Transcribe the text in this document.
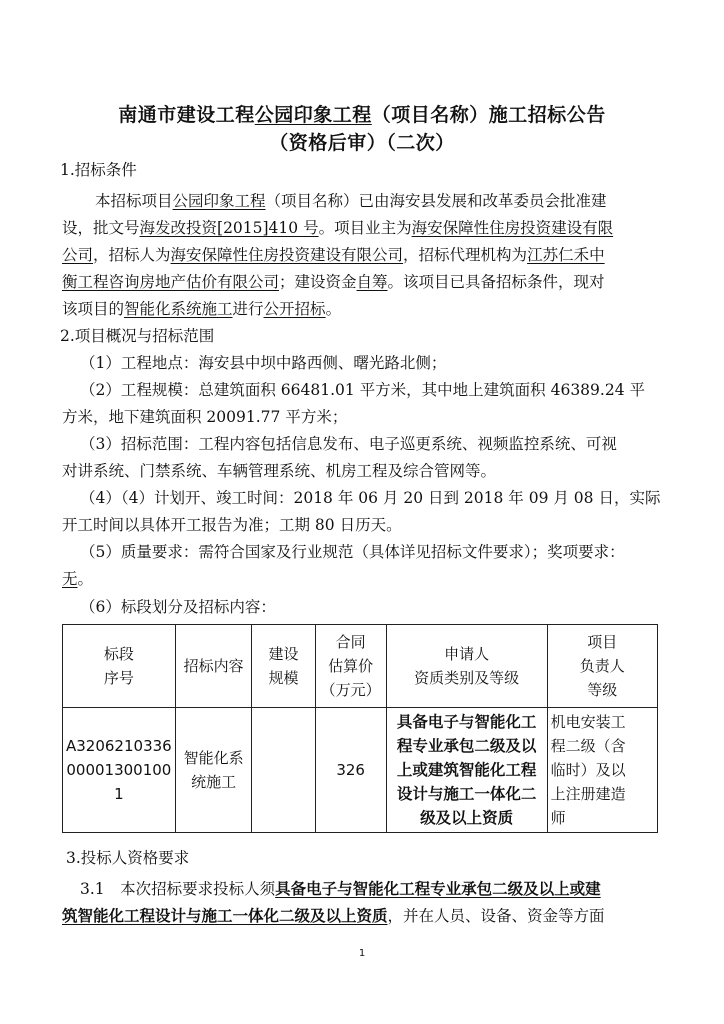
南通市建设工程公园印象工程（项目名称）施工招标公告
（资格后审）（二次）
1.招标条件
本招标项目公园印象工程（项目名称）已由海安县发展和改革委员会批准建
设，批文号海发改投资[2015]410 号。项目业主为海安保障性住房投资建设有限
公司，招标人为海安保障性住房投资建设有限公司，招标代理机构为江苏仁禾中
衡工程咨询房地产估价有限公司；建设资金自筹。该项目已具备招标条件，现对
该项目的智能化系统施工进行公开招标。
2.项目概况与招标范围
（1）工程地点：海安县中坝中路西侧、曙光路北侧；
（2）工程规模：总建筑面积 66481.01 平方米，其中地上建筑面积 46389.24 平
方米，地下建筑面积 20091.77 平方米；
（3）招标范围：工程内容包括信息发布、电子巡更系统、视频监控系统、可视
对讲系统、门禁系统、车辆管理系统、机房工程及综合管网等。
（4）（4）计划开、竣工时间：2018 年 06 月 20 日到 2018 年 09 月 08 日，实际
开工时间以具体开工报告为准；工期 80 日历天。
（5）质量要求：需符合国家及行业规范（具体详见招标文件要求）；奖项要求：
无。
（6）标段划分及招标内容：
标段
序号	招标内容	建设
规模	合同
估算价
（万元）	申请人
资质类别及等级	项目
负责人
等级
A3206210336
00001300100
1	智能化系
统施工		326	具备电子与智能化工
程专业承包二级及以
上或建筑智能化工程
设计与施工一体化二
级及以上资质	机电安装工
程二级（含
临时）及以
上注册建造
师
3.投标人资格要求
3.1　本次招标要求投标人须具备电子与智能化工程专业承包二级及以上或建
筑智能化工程设计与施工一体化二级及以上资质，并在人员、设备、资金等方面
1
